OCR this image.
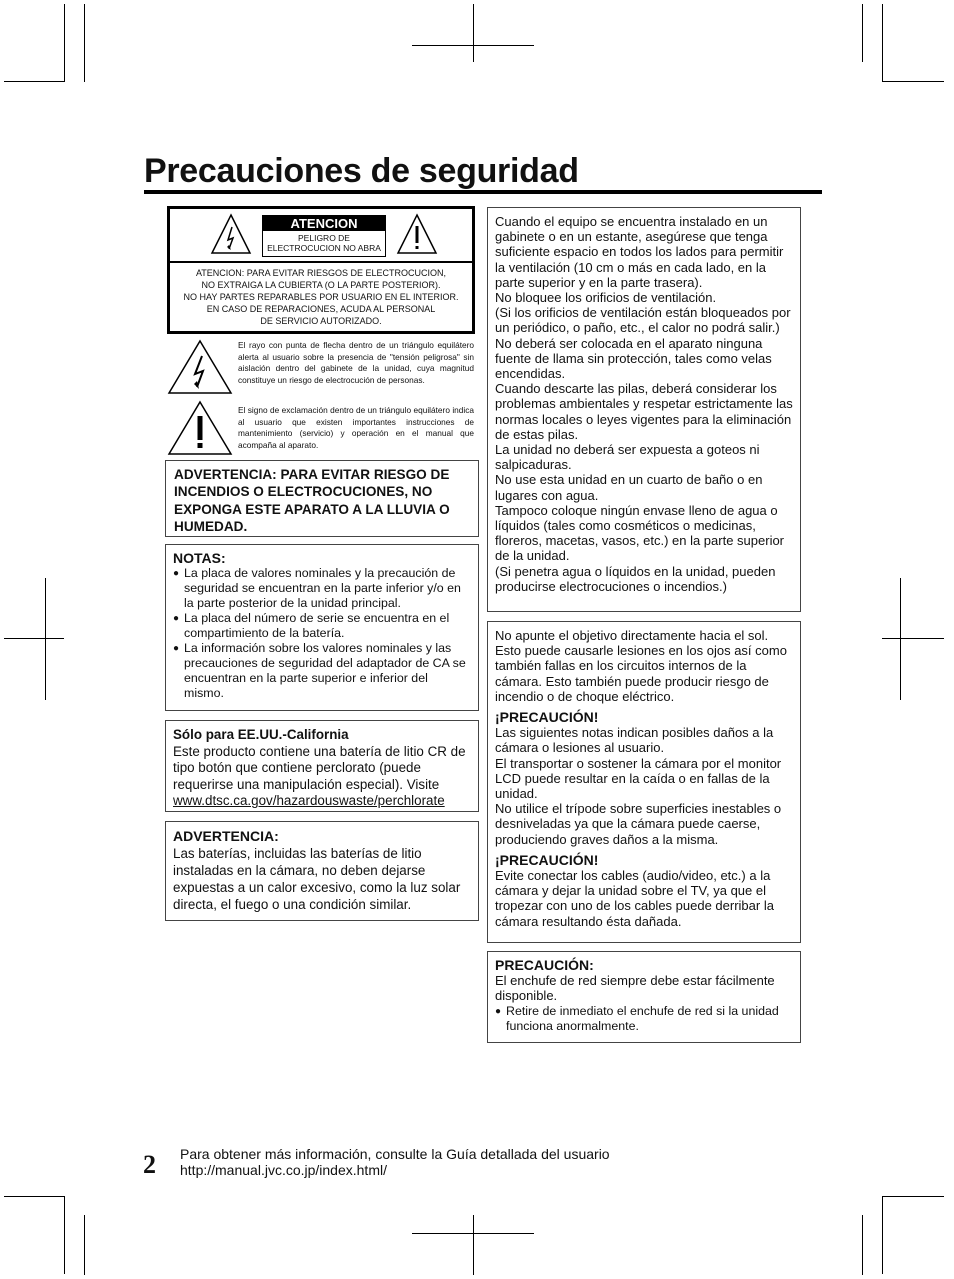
Precauciones de seguridad
ATENCION
PELIGRO DE ELECTROCUCION NO ABRA
ATENCION: PARA EVITAR RIESGOS DE ELECTROCUCION,
NO EXTRAIGA LA CUBIERTA (O LA PARTE POSTERIOR).
NO HAY PARTES REPARABLES POR USUARIO EN EL INTERIOR.
EN CASO DE REPARACIONES, ACUDA AL PERSONAL
DE SERVICIO AUTORIZADO.
El rayo con punta de flecha dentro de un triángulo equilátero alerta al usuario sobre la presencia de "tensión peligrosa" sin aislación dentro del gabinete de la unidad, cuya magnitud constituye un riesgo de electrocución de personas.
El signo de exclamación dentro de un triángulo equilátero indica al usuario que existen importantes instrucciones de mantenimiento (servicio) y operación en el manual que acompaña al aparato.

ADVERTENCIA: PARA EVITAR RIESGO DE INCENDIOS O ELECTROCUCIONES, NO EXPONGA ESTE APARATO A LA LLUVIA O HUMEDAD.

NOTAS:

● La placa de valores nominales y la precaución de seguridad se encuentran en la parte inferior y/o en la parte posterior de la unidad principal.
● La placa del número de serie se encuentra en el compartimiento de la batería.
● La información sobre los valores nominales y las precauciones de seguridad del adaptador de CA se encuentran en la parte superior e inferior del mismo.

Sólo para EE.UU.-California

Este producto contiene una batería de litio CR de tipo botón que contiene perclorato (puede requerirse una manipulación especial). Visite

www.dtsc.ca.gov/hazardouswaste/perchlorate

ADVERTENCIA:

Las baterías, incluidas las baterías de litio instaladas en la cámara, no deben dejarse expuestas a un calor excesivo, como la luz solar directa, el fuego o una condición similar.

Cuando el equipo se encuentra instalado en un gabinete o en un estante, asegúrese que tenga suficiente espacio en todos los lados para permitir la ventilación (10 cm o más en cada lado, en la parte superior y en la parte trasera).

No bloquee los orificios de ventilación.

(Si los orificios de ventilación están bloqueados por un periódico, o paño, etc., el calor no podrá salir.)

No deberá ser colocada en el aparato ninguna fuente de llama sin protección, tales como velas encendidas.

Cuando descarte las pilas, deberá considerar los problemas ambientales y respetar estrictamente las normas locales o leyes vigentes para la eliminación de estas pilas.

La unidad no deberá ser expuesta a goteos ni salpicaduras.

No use esta unidad en un cuarto de baño o en lugares con agua.

Tampoco coloque ningún envase lleno de agua o líquidos (tales como cosméticos o medicinas, floreros, macetas, vasos, etc.) en la parte superior de la unidad.

(Si penetra agua o líquidos en la unidad, pueden producirse electrocuciones o incendios.)

No apunte el objetivo directamente hacia el sol. Esto puede causarle lesiones en los ojos así como también fallas en los circuitos internos de la cámara. Esto también puede producir riesgo de incendio o de choque eléctrico.

¡PRECAUCIÓN!

Las siguientes notas indican posibles daños a la cámara o lesiones al usuario.

El transportar o sostener la cámara por el monitor LCD puede resultar en la caída o en fallas de la unidad.

No utilice el trípode sobre superficies inestables o desniveladas ya que la cámara puede caerse, produciendo graves daños a la misma.

¡PRECAUCIÓN!

Evite conectar los cables (audio/video, etc.) a la cámara y dejar la unidad sobre el TV, ya que el tropezar con uno de los cables puede derribar la cámara resultando ésta dañada.

PRECAUCIÓN:

El enchufe de red siempre debe estar fácilmente disponible.

● Retire de inmediato el enchufe de red si la unidad funciona anormalmente.
2 Para obtener más información, consulte la Guía detallada del usuario
http://manual.jvc.co.jp/index.html/
